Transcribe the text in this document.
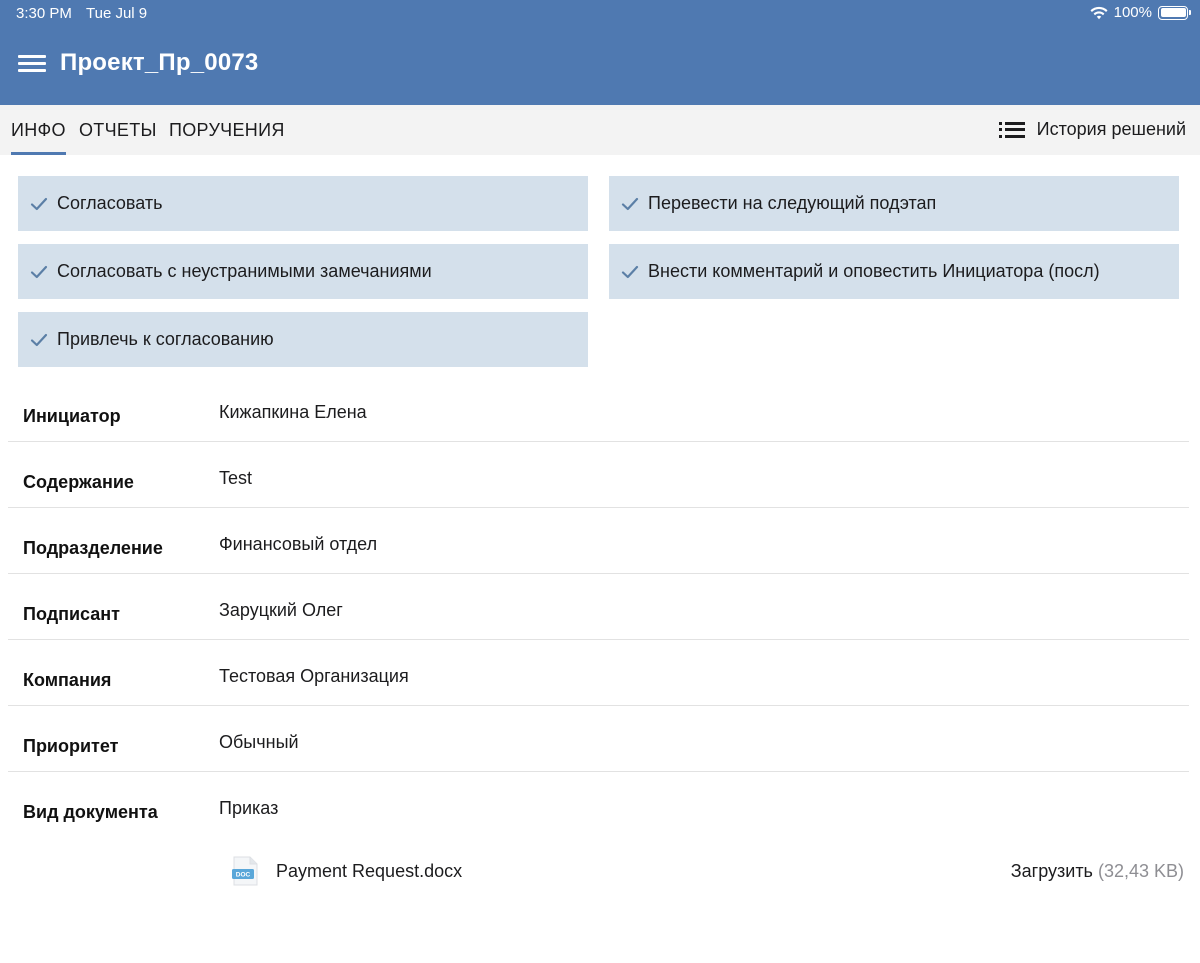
3:30 PM Tue Jul 9	100%
Проект_Пр_0073
ИНФО ОТЧЕТЫ ПОРУЧЕНИЯ	История решений
Согласовать	Перевести на следующий подэтап
Согласовать с неустранимыми замечаниями	Внести комментарий и оповестить Инициатора (посл)
Привлечь к согласованию
Инициатор	Кижапкина Елена
Содержание	Test
Подразделение	Финансовый отдел
Подписант	Заруцкий Олег
Компания	Тестовая Организация
Приоритет	Обычный
Вид документа	Приказ
DOC Payment Request.docx	Загрузить (32,43 KB)
